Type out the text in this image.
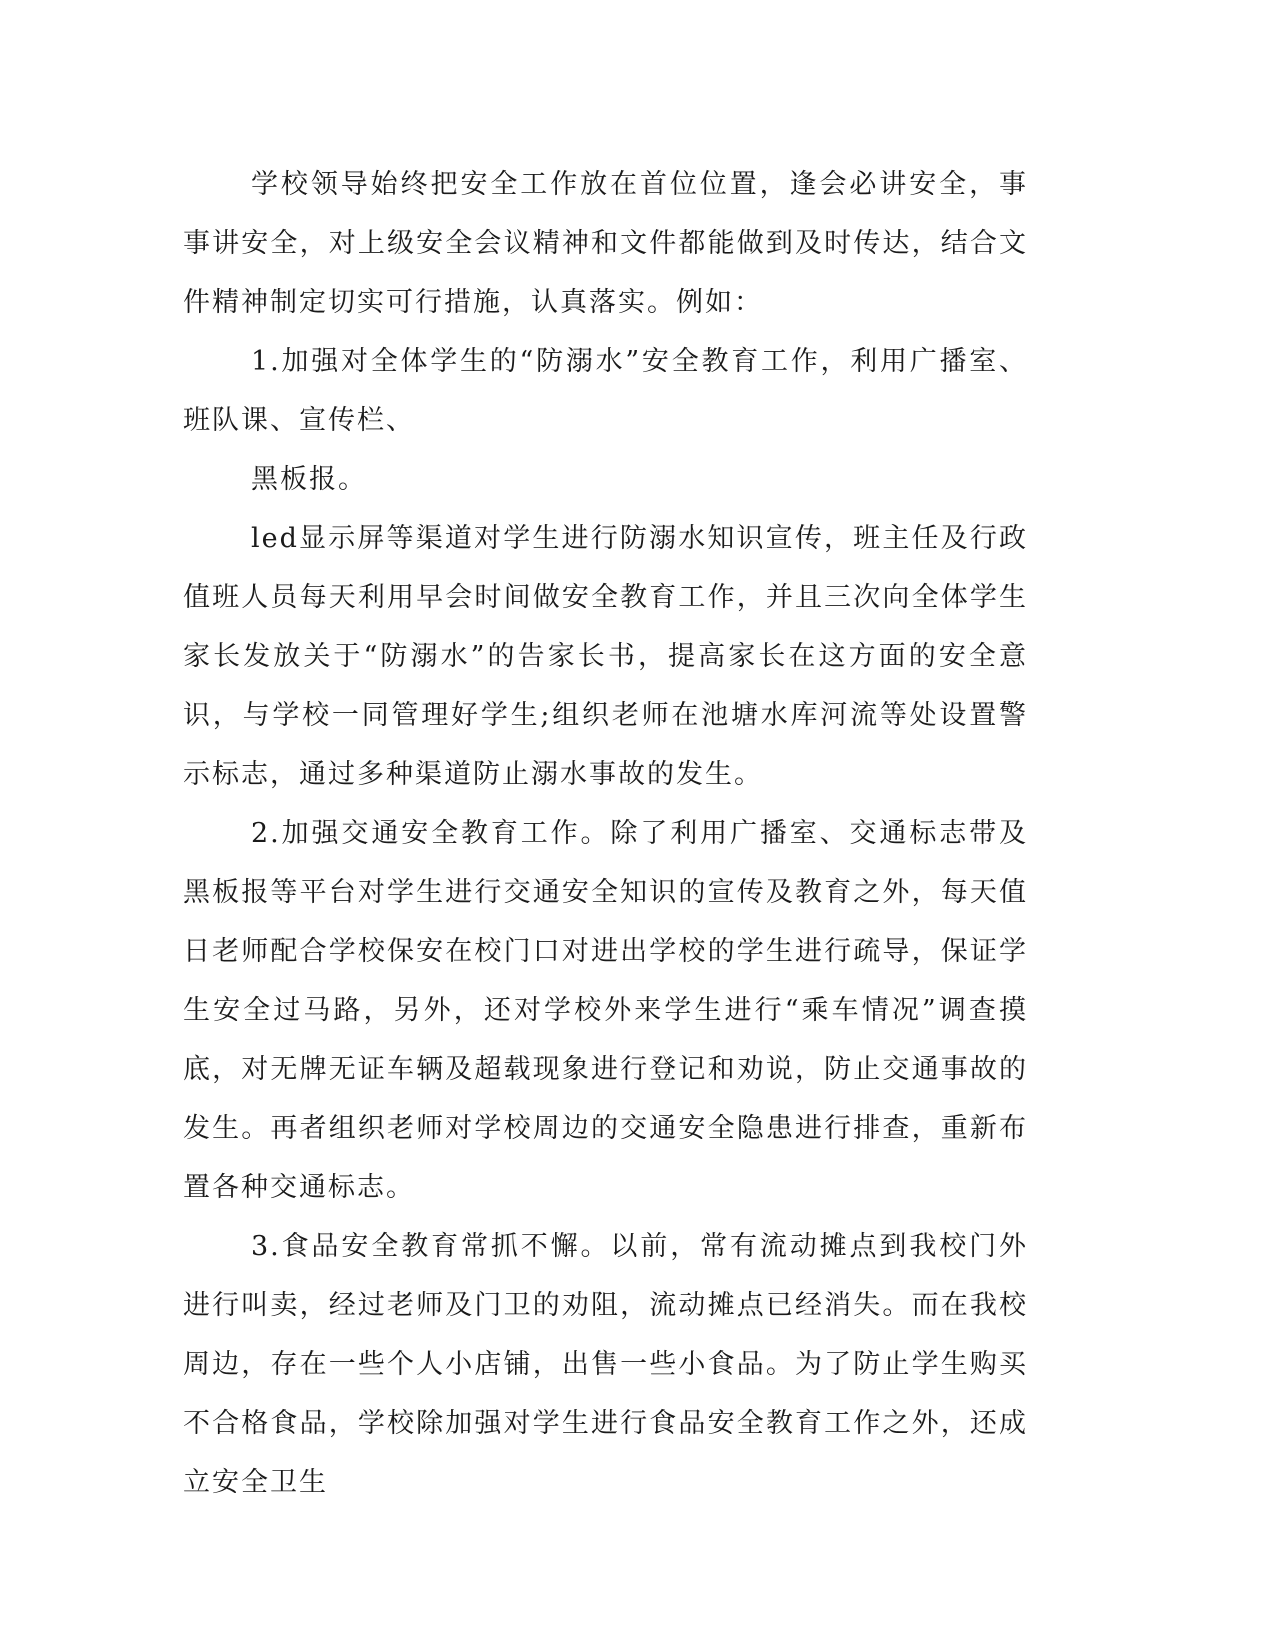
学校领导始终把安全工作放在首位位置，逢会必讲安全，事事讲安全，对上级安全会议精神和文件都能做到及时传达，结合文件精神制定切实可行措施，认真落实。例如：

1.加强对全体学生的“防溺水”安全教育工作，利用广播室、班队课、宣传栏、

黑板报。

led显示屏等渠道对学生进行防溺水知识宣传，班主任及行政值班人员每天利用早会时间做安全教育工作，并且三次向全体学生家长发放关于“防溺水”的告家长书，提高家长在这方面的安全意识，与学校一同管理好学生;组织老师在池塘水库河流等处设置警示标志，通过多种渠道防止溺水事故的发生。

2.加强交通安全教育工作。除了利用广播室、交通标志带及黑板报等平台对学生进行交通安全知识的宣传及教育之外，每天值日老师配合学校保安在校门口对进出学校的学生进行疏导，保证学生安全过马路，另外，还对学校外来学生进行“乘车情况”调查摸底，对无牌无证车辆及超载现象进行登记和劝说，防止交通事故的发生。再者组织老师对学校周边的交通安全隐患进行排查，重新布置各种交通标志。

3.食品安全教育常抓不懈。以前，常有流动摊点到我校门外进行叫卖，经过老师及门卫的劝阻，流动摊点已经消失。而在我校周边，存在一些个人小店铺，出售一些小食品。为了防止学生购买不合格食品，学校除加强对学生进行食品安全教育工作之外，还成立安全卫生
